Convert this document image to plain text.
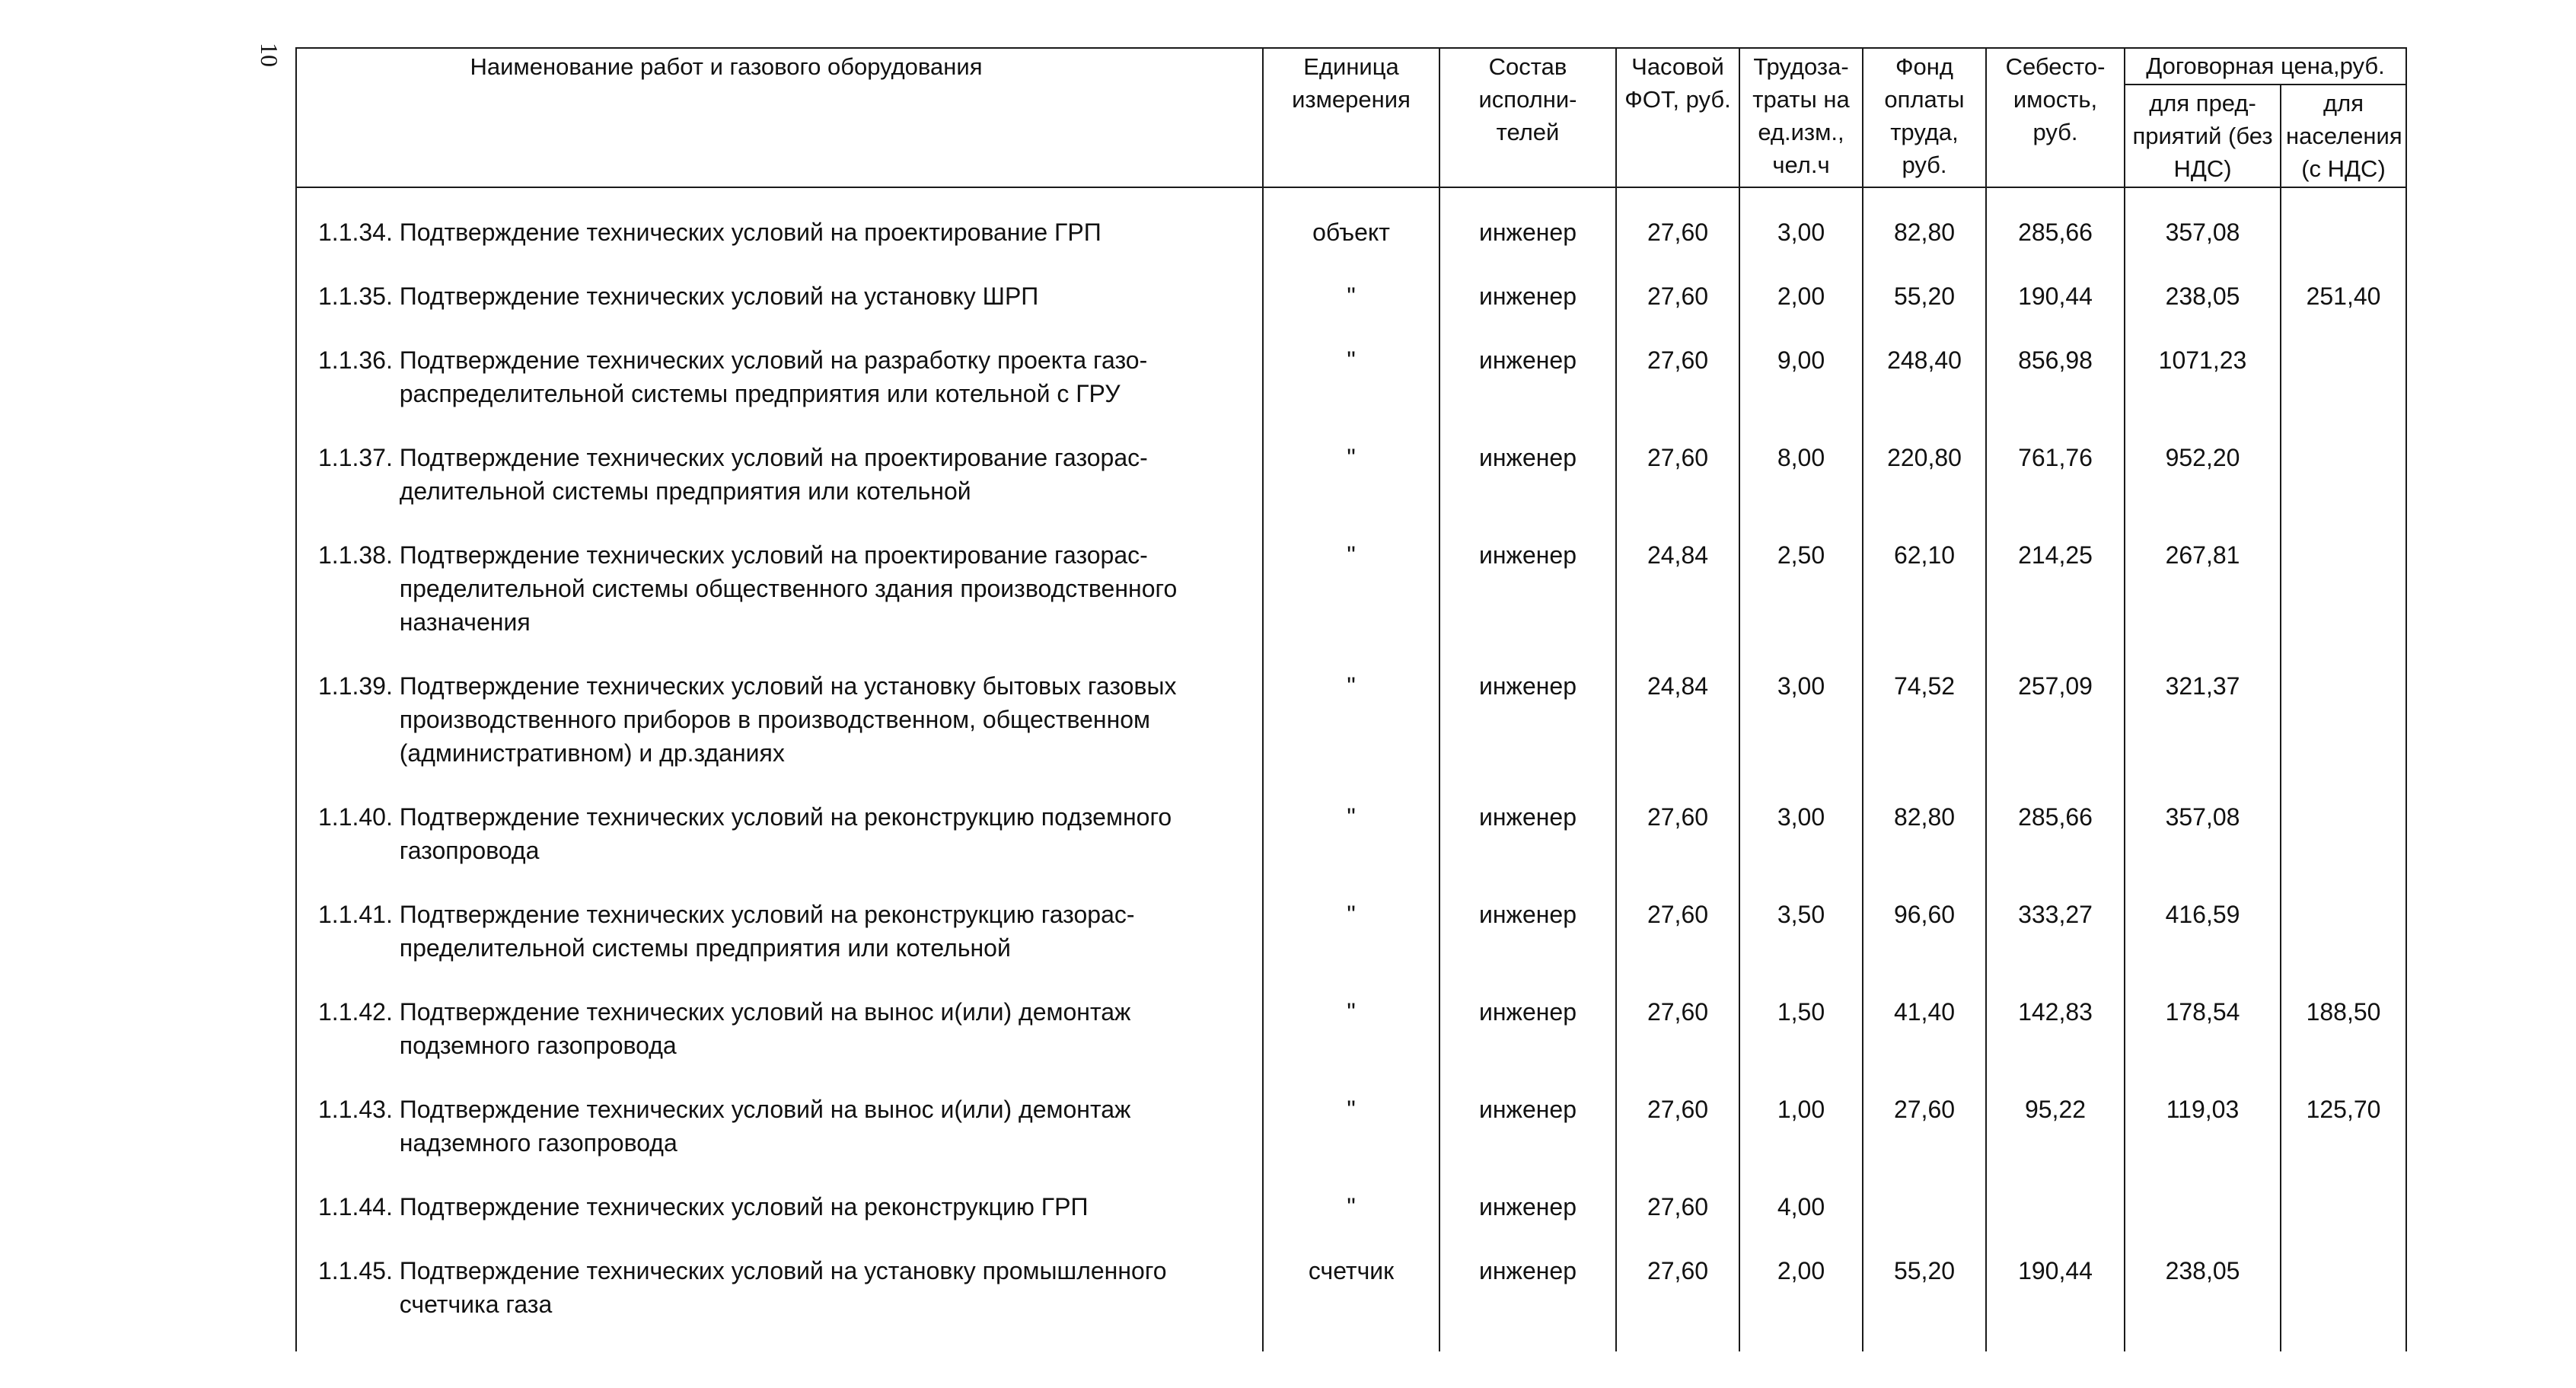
10	Наименование работ и газового оборудования	Единица измерения	Состав исполни- телей	Часовой ФОТ, руб.	Трудоза- траты на ед.изм., чел.ч	Фонд оплаты труда, руб.	Себесто- имость, руб.	Договорная цена,руб.	
							для пред- приятий (без НДС)	для населения (с НДС)

1.1.34.
Подтверждение технических условий на проектирование ГРП	объект	инженер	27,60	3,00	82,80	285,66	357,08	

1.1.35.
Подтверждение технических условий на установку ШРП	"	инженер	27,60	2,00	55,20	190,44	238,05	251,40

1.1.36.
Подтверждение технических условий на разработку проекта газо- распределительной системы предприятия или котельной с ГРУ	"	инженер	27,60	9,00	248,40	856,98	1071,23	

1.1.37.
Подтверждение технических условий на проектирование газорас- делительной системы предприятия или котельной	"	инженер	27,60	8,00	220,80	761,76	952,20	

1.1.38.
Подтверждение технических условий на проектирование газорас- пределительной системы общественного здания производственного назначения	"	инженер	24,84	2,50	62,10	214,25	267,81	

1.1.39.
Подтверждение технических условий на установку бытовых газовых производственного приборов в производственном, общественном (административном) и др.зданиях	"	инженер	24,84	3,00	74,52	257,09	321,37	

1.1.40.
Подтверждение технических условий на реконструкцию подземного газопровода	"	инженер	27,60	3,00	82,80	285,66	357,08	

1.1.41.
Подтверждение технических условий на реконструкцию газорас- пределительной системы предприятия или котельной	"	инженер	27,60	3,50	96,60	333,27	416,59	

1.1.42.
Подтверждение технических условий на вынос и(или) демонтаж подземного газопровода	"	инженер	27,60	1,50	41,40	142,83	178,54	188,50

1.1.43.
Подтверждение технических условий на вынос и(или) демонтаж надземного газопровода	"	инженер	27,60	1,00	27,60	95,22	119,03	125,70

1.1.44.
Подтверждение технических условий на реконструкцию ГРП	"	инженер	27,60	4,00				

1.1.45.
Подтверждение технических условий на установку промышленного счетчика газа	счетчик	инженер	27,60	2,00	55,20	190,44	238,05	
